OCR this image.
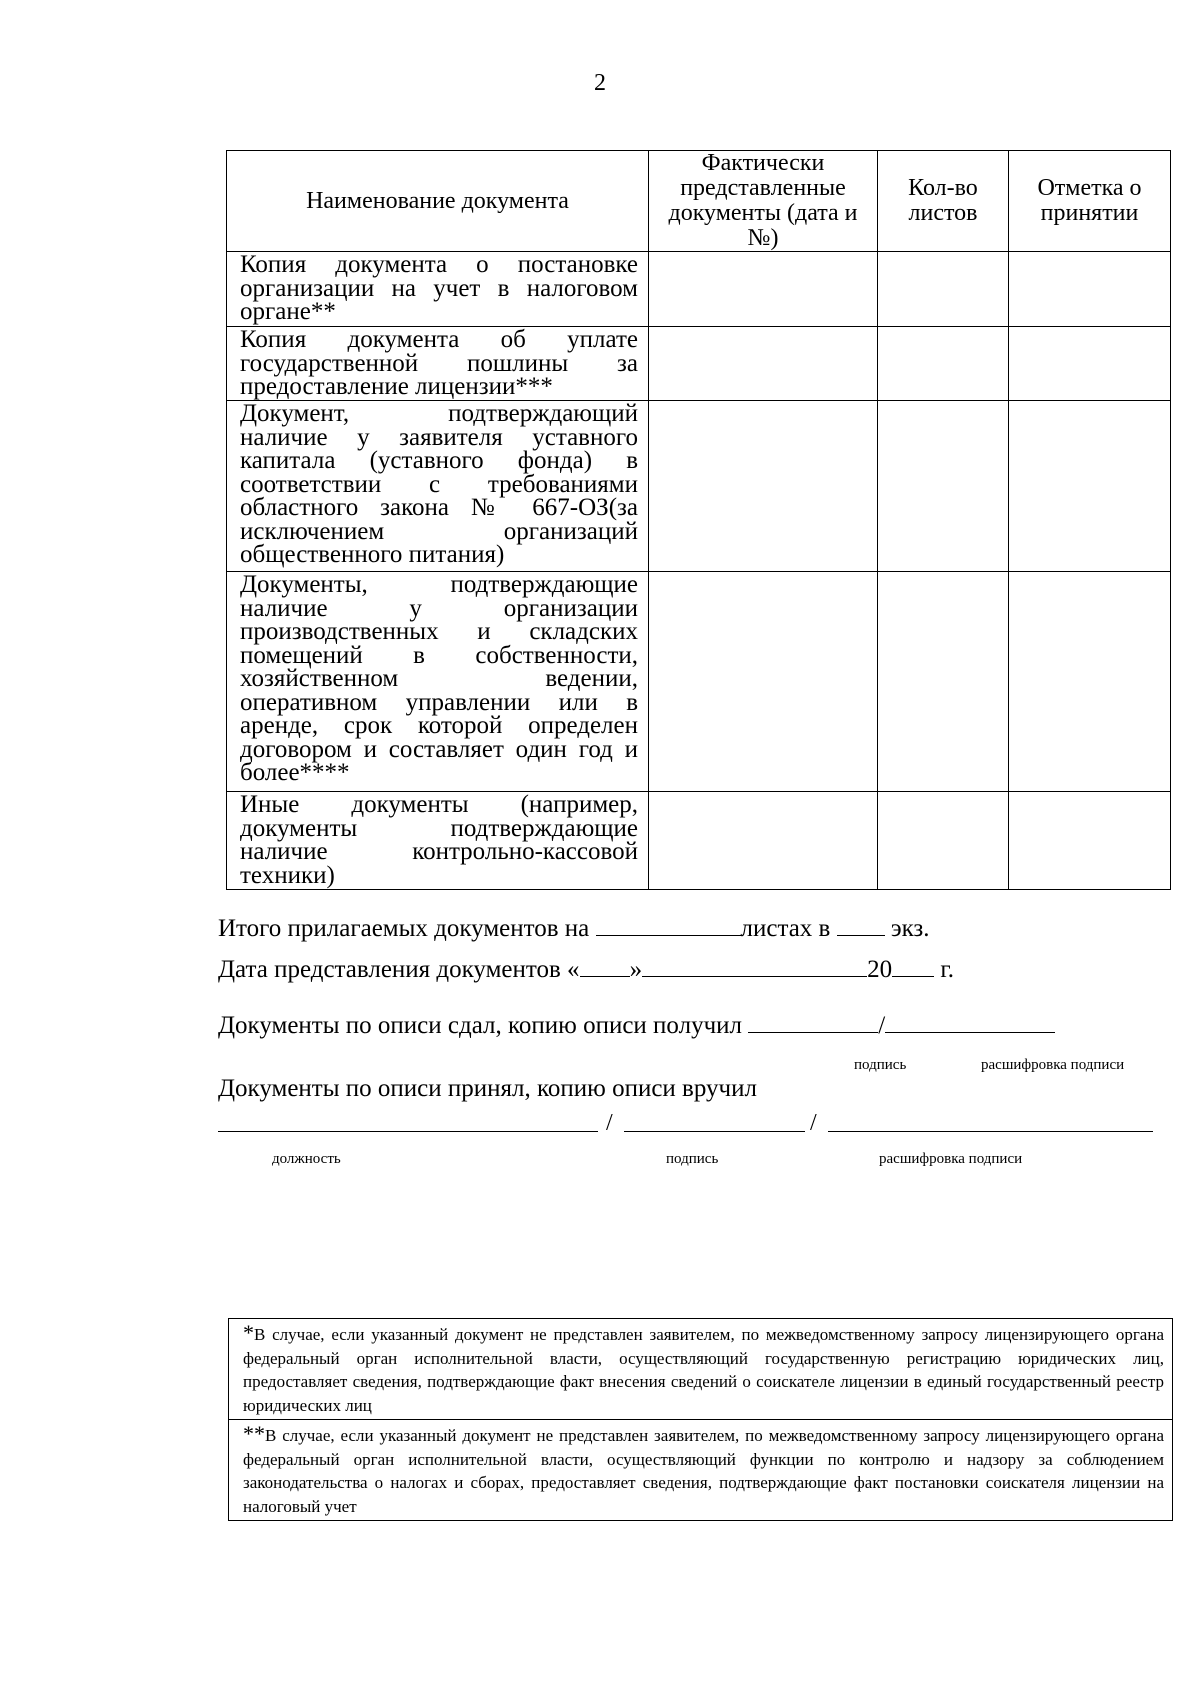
2
Наименование документа	Фактически представленные документы (дата и №)	Кол-во листов	Отметка о принятии

Копия документа о постановке организации на учет в налоговом органе**			
Копия документа об уплате государственной пошлины за предоставление лицензии***			
Документ, подтверждающий наличие у заявителя уставного капитала (уставного фонда) в соответствии с требованиями областного закона № 667-ОЗ(за исключением организаций общественного питания)			
Документы, подтверждающие наличие у организации производственных и складских помещений в собственности, хозяйственном ведении, оперативном управлении или в аренде, срок которой определен договором и составляет один год и более****			
Иные документы (например, документы подтверждающие наличие контрольно-кассовой техники)			
Итого прилагаемых документов на	листах в экз.
Дата представления документов « »	20 г.
Документы по описи сдал, копию описи получил	/
подпись	расшифровка подписи
Документы по описи принял, копию описи вручил
/	/
должность	подпись	расшифровка подписи
*В случае, если указанный документ не представлен заявителем, по межведомственному запросу лицензирующего органа федеральный орган исполнительной власти, осуществляющий государственную регистрацию юридических лиц, предоставляет сведения, подтверждающие факт внесения сведений о соискателе лицензии в единый государственный реестр юридических лиц
**В случае, если указанный документ не представлен заявителем, по межведомственному запросу лицензирующего органа федеральный орган исполнительной власти, осуществляющий функции по контролю и надзору за соблюдением законодательства о налогах и сборах, предоставляет сведения, подтверждающие факт постановки соискателя лицензии на налоговый учет
